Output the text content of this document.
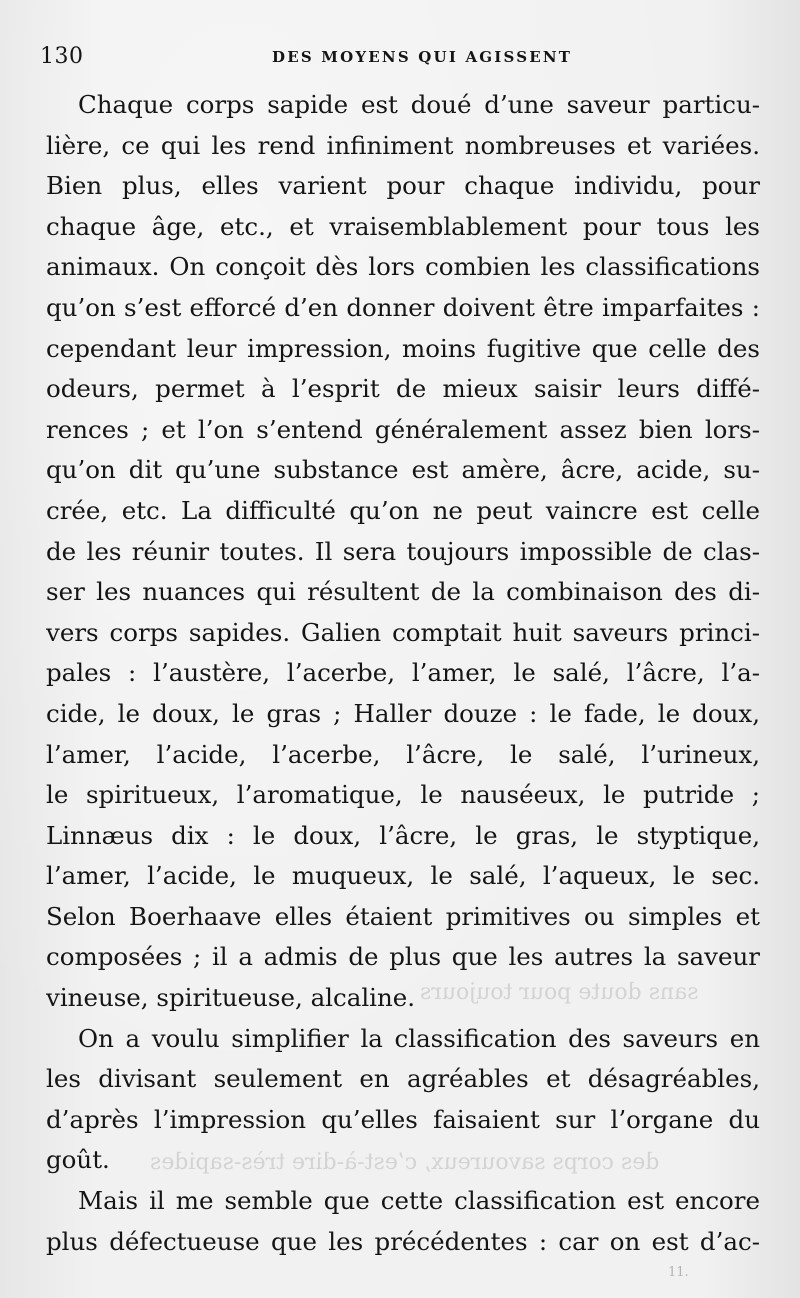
sans doute pour toujours
des corps savoureux, c’est-à-dire très-sapides
11.
130	DES MOYENS QUI AGISSENT
Chaque corps sapide est doué d’une saveur particu-
lière, ce qui les rend infiniment nombreuses et variées.
Bien plus, elles varient pour chaque individu, pour
chaque âge, etc., et vraisemblablement pour tous les
animaux. On conçoit dès lors combien les classifications
qu’on s’est efforcé d’en donner doivent être imparfaites :
cependant leur impression, moins fugitive que celle des
odeurs, permet à l’esprit de mieux saisir leurs diffé-
rences ; et l’on s’entend généralement assez bien lors-
qu’on dit qu’une substance est amère, âcre, acide, su-
crée, etc. La difficulté qu’on ne peut vaincre est celle
de les réunir toutes. Il sera toujours impossible de clas-
ser les nuances qui résultent de la combinaison des di-
vers corps sapides. Galien comptait huit saveurs princi-
pales : l’austère, l’acerbe, l’amer, le salé, l’âcre, l’a-
cide, le doux, le gras ; Haller douze : le fade, le doux,
l’amer, l’acide, l’acerbe, l’âcre, le salé, l’urineux,
le spiritueux, l’aromatique, le nauséeux, le putride ;
Linnæus dix : le doux, l’âcre, le gras, le styptique,
l’amer, l’acide, le muqueux, le salé, l’aqueux, le sec.
Selon Boerhaave elles étaient primitives ou simples et
composées ; il a admis de plus que les autres la saveur
vineuse, spiritueuse, alcaline.
On a voulu simplifier la classification des saveurs en
les divisant seulement en agréables et désagréables,
d’après l’impression qu’elles faisaient sur l’organe du
goût.
Mais il me semble que cette classification est encore
plus défectueuse que les précédentes : car on est d’ac-
